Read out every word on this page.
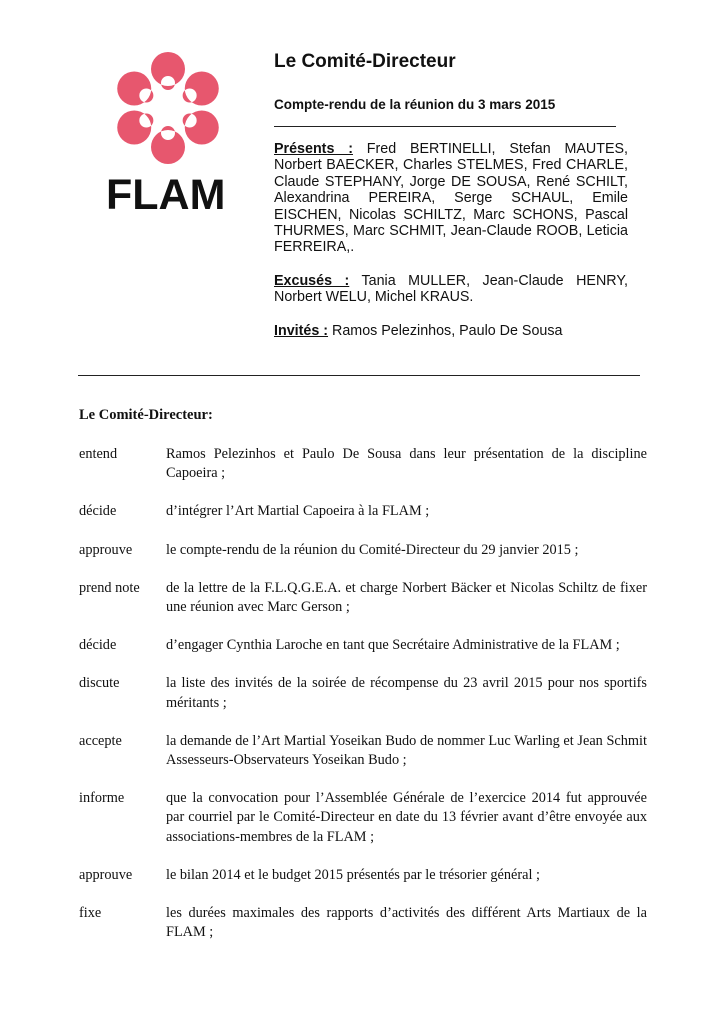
FLAM
Le Comité-Directeur
Compte-rendu de la réunion du 3 mars 2015

Présents : Fred BERTINELLI, Stefan MAUTES, Norbert BAECKER, Charles STELMES, Fred CHARLE, Claude STEPHANY, Jorge DE SOUSA, René SCHILT, Alexandrina PEREIRA, Serge SCHAUL, Emile EISCHEN, Nicolas SCHILTZ, Marc SCHONS, Pascal THURMES, Marc SCHMIT, Jean-Claude ROOB, Leticia FERREIRA,.

Excusés : Tania MULLER, Jean-Claude HENRY, Norbert WELU, Michel KRAUS.

Invités : Ramos Pelezinhos, Paulo De Sousa

Le Comité-Directeur:
entend	Ramos Pelezinhos et Paulo De Sousa dans leur présentation de la discipline Capoeira ;
décide	d’intégrer l’Art Martial Capoeira à la FLAM ;
approuve	le compte-rendu de la réunion du Comité-Directeur du 29 janvier 2015 ;
prend note	de la lettre de la F.L.Q.G.E.A. et charge Norbert Bäcker et Nicolas Schiltz de fixer une réunion avec Marc Gerson ;
décide	d’engager Cynthia Laroche en tant que Secrétaire Administrative de la FLAM ;
discute	la liste des invités de la soirée de récompense du 23 avril 2015 pour nos sportifs méritants ;
accepte	la demande de l’Art Martial Yoseikan Budo de nommer Luc Warling et Jean Schmit Assesseurs-Observateurs Yoseikan Budo ;
informe	que la convocation pour l’Assemblée Générale de l’exercice 2014 fut approuvée par courriel par le Comité-Directeur en date du 13 février avant d’être envoyée aux associations-membres de la FLAM ;
approuve	le bilan 2014 et le budget 2015 présentés par le trésorier général ;
fixe	les durées maximales des rapports d’activités des différent Arts Martiaux de la FLAM ;
